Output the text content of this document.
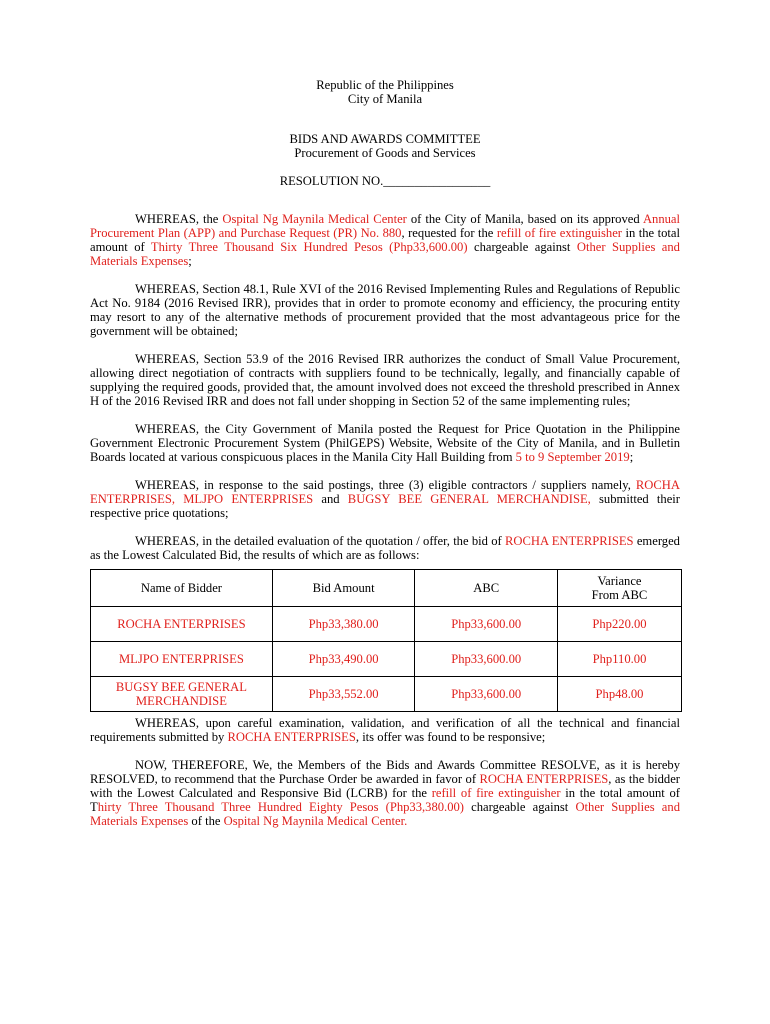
Republic of the Philippines
City of Manila
BIDS AND AWARDS COMMITTEE
Procurement of Goods and Services
RESOLUTION NO._________________

WHEREAS, the Ospital Ng Maynila Medical Center of the City of Manila, based on its approved Annual Procurement Plan (APP) and Purchase Request (PR) No. 880, requested for the refill of fire extinguisher in the total amount of Thirty Three Thousand Six Hundred Pesos (Php33,600.00) chargeable against Other Supplies and Materials Expenses;

WHEREAS, Section 48.1, Rule XVI of the 2016 Revised Implementing Rules and Regulations of Republic Act No. 9184 (2016 Revised IRR), provides that in order to promote economy and efficiency, the procuring entity may resort to any of the alternative methods of procurement provided that the most advantageous price for the government will be obtained;

WHEREAS, Section 53.9 of the 2016 Revised IRR authorizes the conduct of Small Value Procurement, allowing direct negotiation of contracts with suppliers found to be technically, legally, and financially capable of supplying the required goods, provided that, the amount involved does not exceed the threshold prescribed in Annex H of the 2016 Revised IRR and does not fall under shopping in Section 52 of the same implementing rules;

WHEREAS, the City Government of Manila posted the Request for Price Quotation in the Philippine Government Electronic Procurement System (PhilGEPS) Website, Website of the City of Manila, and in Bulletin Boards located at various conspicuous places in the Manila City Hall Building from 5 to 9 September 2019;

WHEREAS, in response to the said postings, three (3) eligible contractors / suppliers namely, ROCHA ENTERPRISES, MLJPO ENTERPRISES and BUGSY BEE GENERAL MERCHANDISE, submitted their respective price quotations;

WHEREAS, in the detailed evaluation of the quotation / offer, the bid of ROCHA ENTERPRISES emerged as the Lowest Calculated Bid, the results of which are as follows:

Name of Bidder	Bid Amount	ABC	Variance
From ABC
ROCHA ENTERPRISES	Php33,380.00	Php33,600.00	Php220.00
MLJPO ENTERPRISES	Php33,490.00	Php33,600.00	Php110.00
BUGSY BEE GENERAL MERCHANDISE	Php33,552.00	Php33,600.00	Php48.00

WHEREAS, upon careful examination, validation, and verification of all the technical and financial requirements submitted by ROCHA ENTERPRISES, its offer was found to be responsive;

NOW, THEREFORE, We, the Members of the Bids and Awards Committee RESOLVE, as it is hereby RESOLVED, to recommend that the Purchase Order be awarded in favor of ROCHA ENTERPRISES, as the bidder with the Lowest Calculated and Responsive Bid (LCRB) for the refill of fire extinguisher in the total amount of Thirty Three Thousand Three Hundred Eighty Pesos (Php33,380.00) chargeable against Other Supplies and Materials Expenses of the Ospital Ng Maynila Medical Center.
